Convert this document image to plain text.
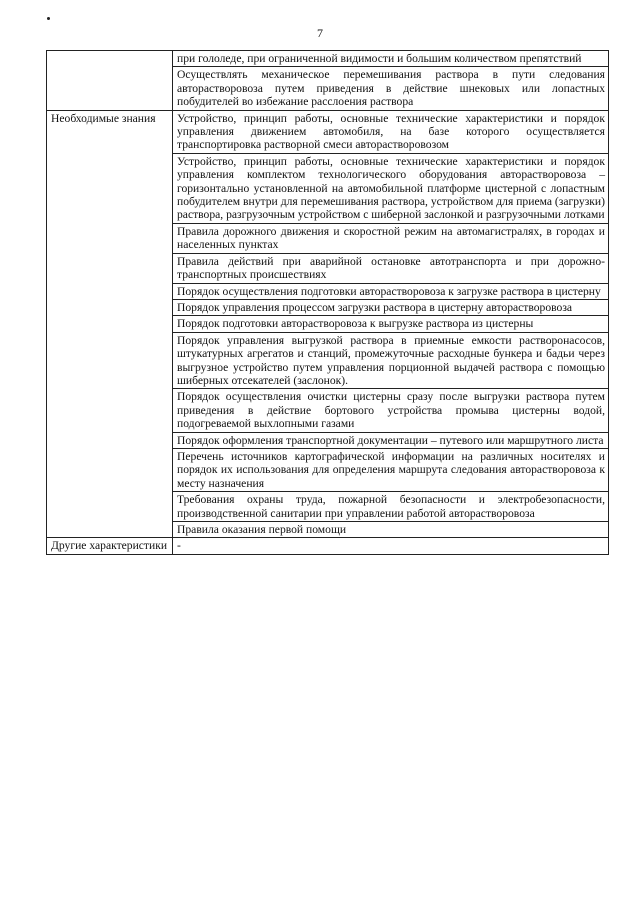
7
	при гололеде, при ограниченной видимости и большим количеством препятствий
	Осуществлять механическое перемешивания раствора в пути следования авторастворовоза путем приведения в действие шнековых или лопастных побудителей во избежание расслоения раствора
Необходимые знания	Устройство, принцип работы, основные технические характеристики и порядок управления движением автомобиля, на базе которого осуществляется транспортировка растворной смеси авторастворовозом
	Устройство, принцип работы, основные технические характеристики и порядок управления комплектом технологического оборудования авторастворовоза – горизонтально установленной на автомобильной платформе цистерной с лопастным побудителем внутри для перемешивания раствора, устройством для приема (загрузки) раствора, разгрузочным устройством с шиберной заслонкой и разгрузочными лотками
	Правила дорожного движения и скоростной режим на автомагистралях, в городах и населенных пунктах
	Правила действий при аварийной остановке автотранспорта и при дорожно-транспортных происшествиях
	Порядок осуществления подготовки авторастворовоза к загрузке раствора в цистерну
	Порядок управления процессом загрузки раствора в цистерну авторастворовоза
	Порядок подготовки авторастворовоза к выгрузке раствора из цистерны
	Порядок управления выгрузкой раствора в приемные емкости растворонасосов, штукатурных агрегатов и станций, промежуточные расходные бункера и бадьи через выгрузное устройство путем управления порционной выдачей раствора с помощью шиберных отсекателей (заслонок).
	Порядок осуществления очистки цистерны сразу после выгрузки раствора путем приведения в действие бортового устройства промыва цистерны водой, подогреваемой выхлопными газами
	Порядок оформления транспортной документации – путевого или маршрутного листа
	Перечень источников картографической информации на различных носителях и порядок их использования для определения маршрута следования авторастворовоза к месту назначения
	Требования охраны труда, пожарной безопасности и электробезопасности, производственной санитарии при управлении работой авторастворовоза
	Правила оказания первой помощи
Другие характеристики	-
